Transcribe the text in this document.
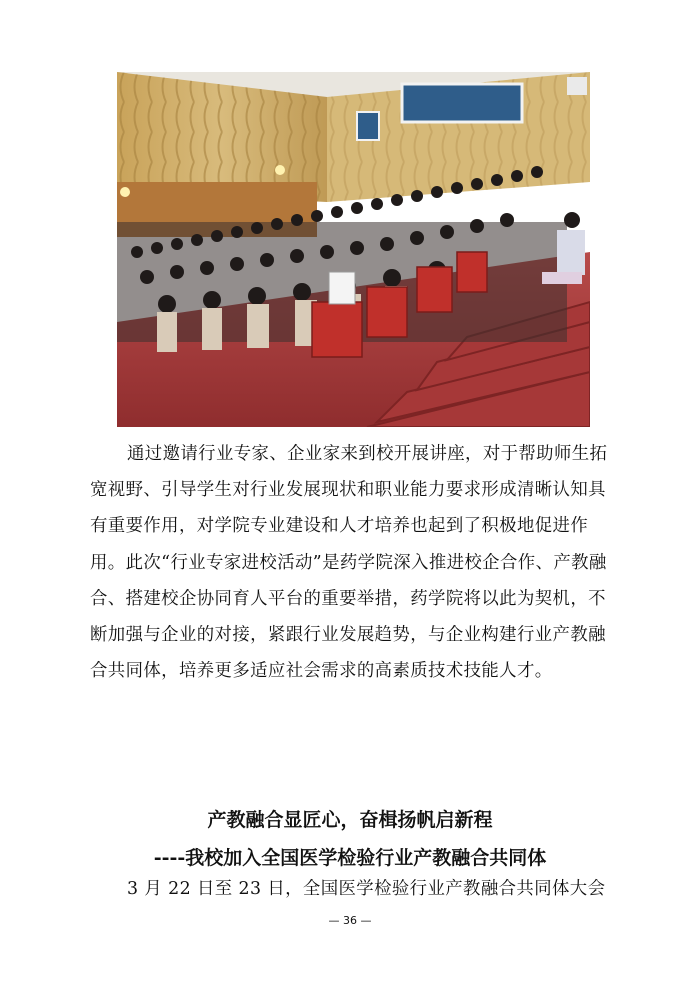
通过邀请行业专家、企业家来到校开展讲座，对于帮助师生拓宽视野、引导学生对行业发展现状和职业能力要求形成清晰认知具有重要作用，对学院专业建设和人才培养也起到了积极地促进作用。此次“行业专家进校活动”是药学院深入推进校企合作、产教融合、搭建校企协同育人平台的重要举措，药学院将以此为契机，不断加强与企业的对接，紧跟行业发展趋势，与企业构建行业产教融合共同体，培养更多适应社会需求的高素质技术技能人才。

产教融合显匠心，奋楫扬帆启新程

----我校加入全国医学检验行业产教融合共同体

3 月 22 日至 23 日，全国医学检验行业产教融合共同体大会

— 36 —
